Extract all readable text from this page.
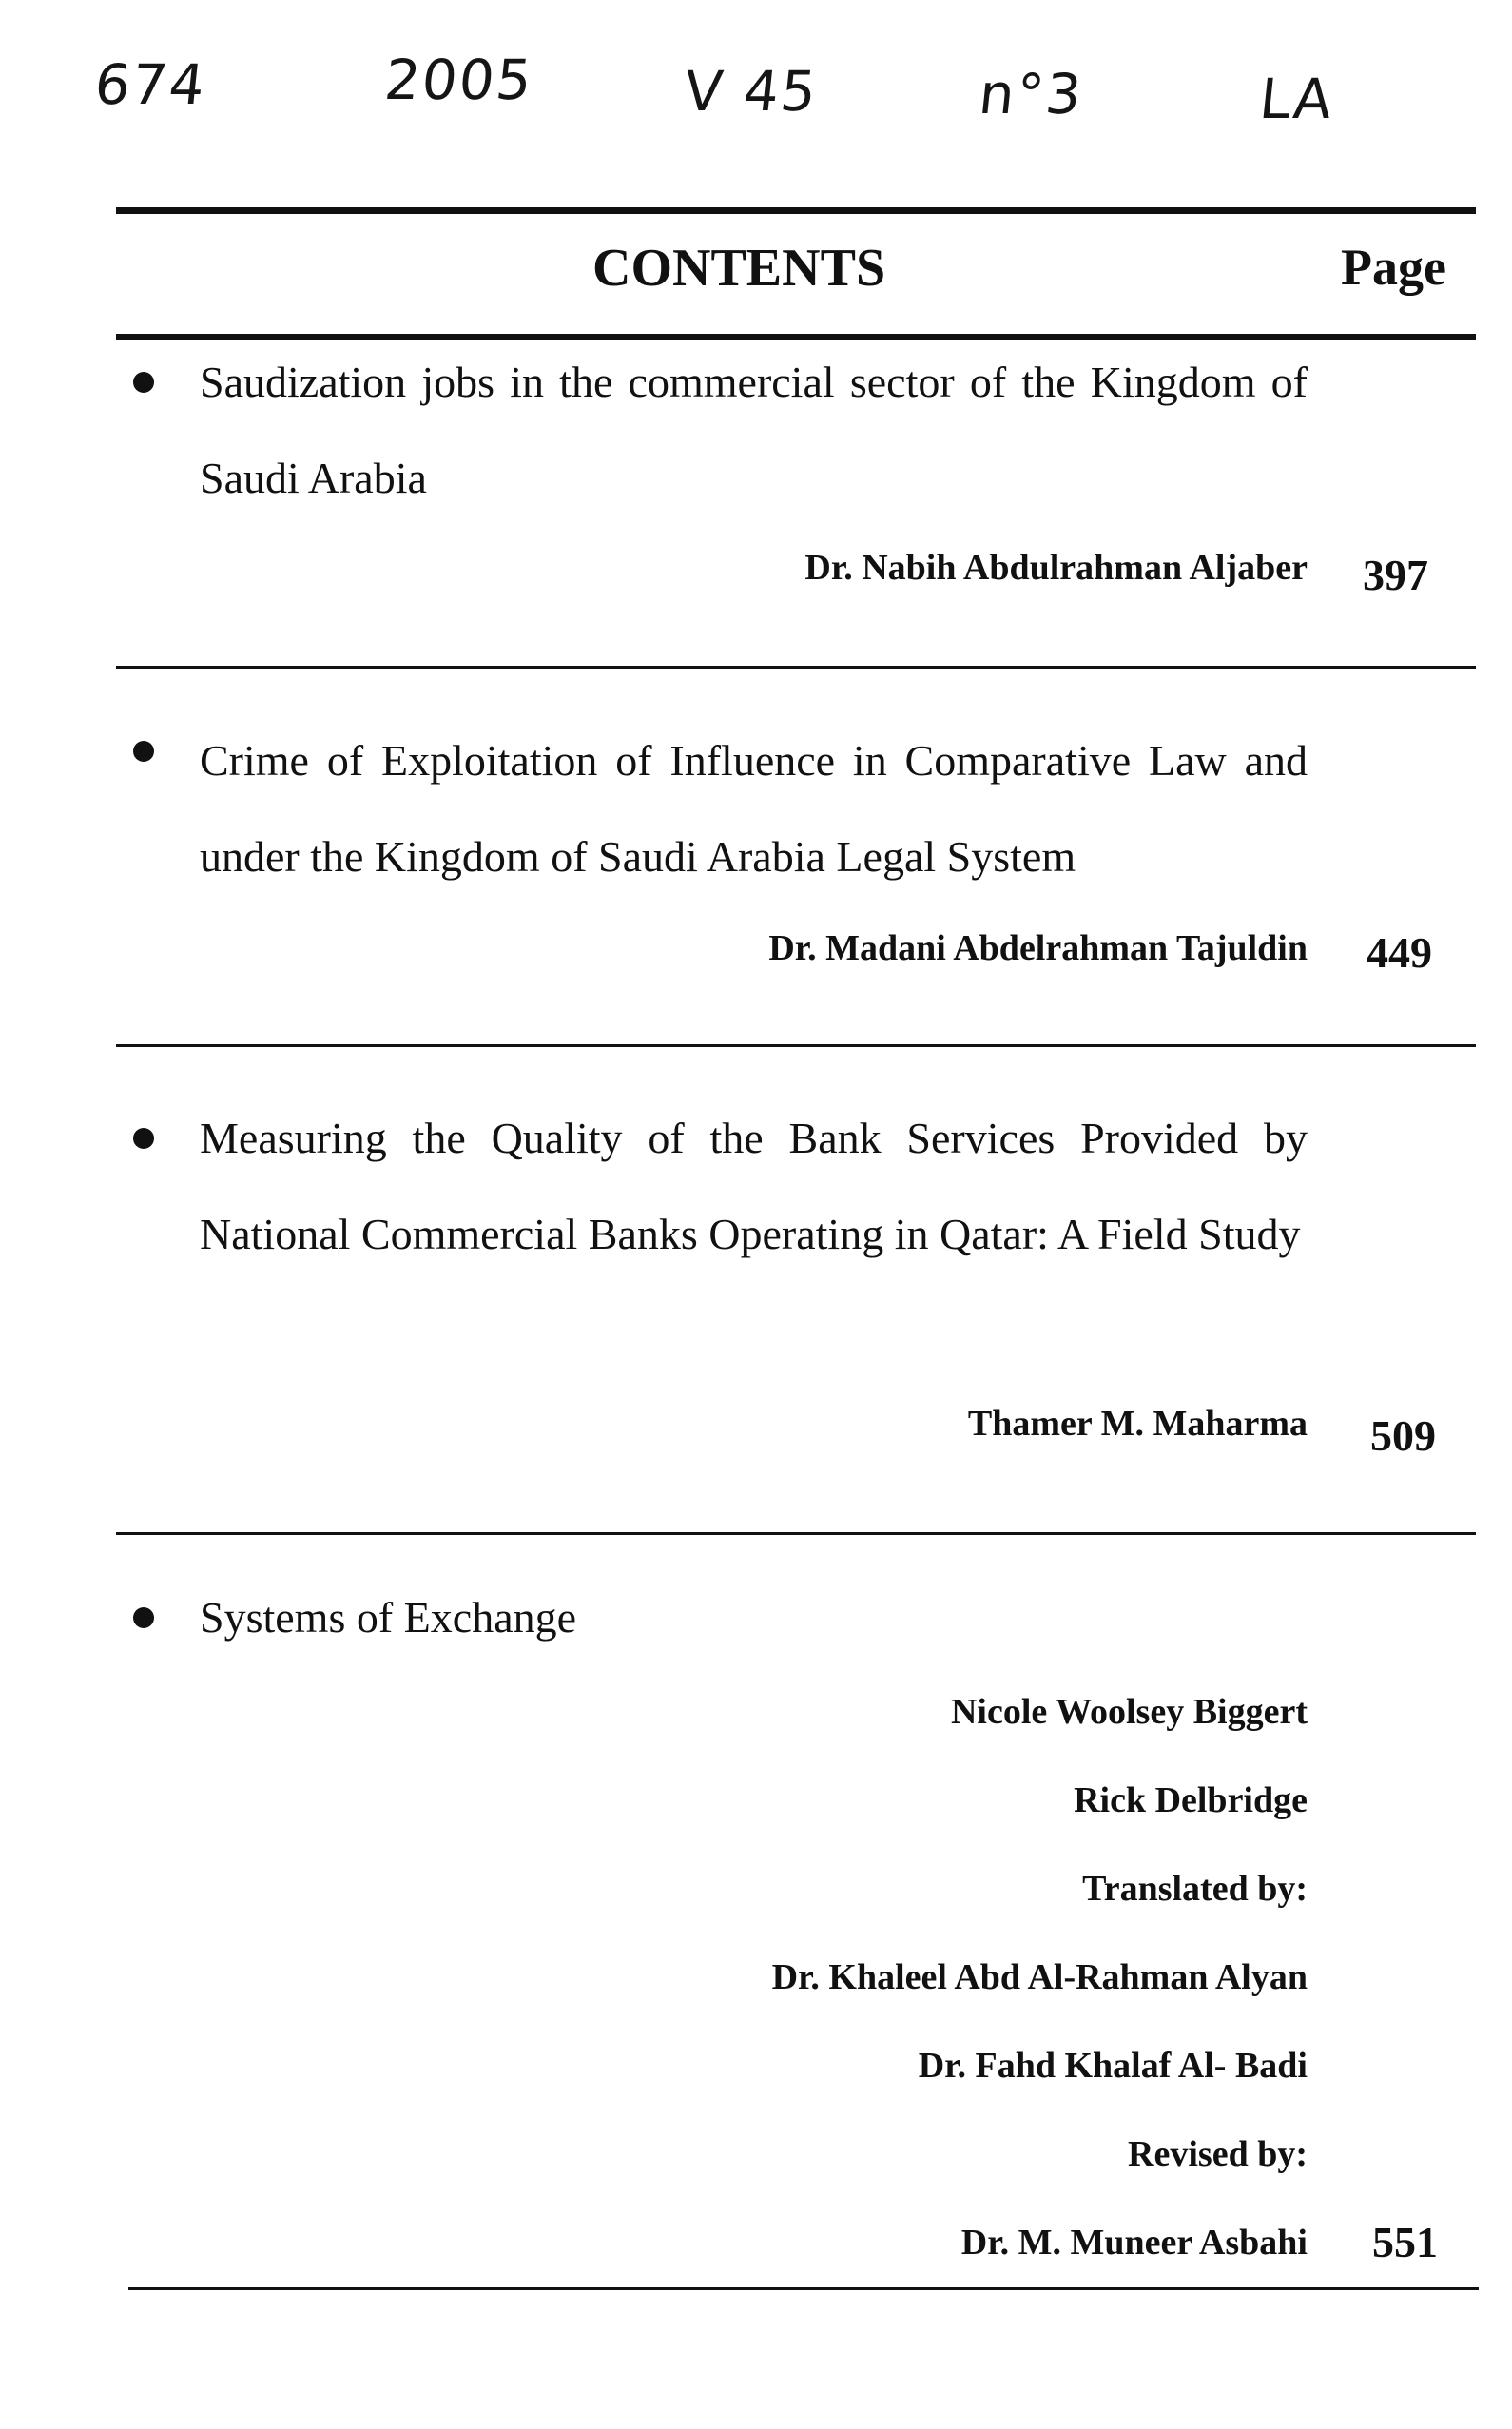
674	2005	V 45	n°3	LA
CONTENTS	Page
Saudization jobs in the commercial sector of the Kingdom of Saudi Arabia
Dr. Nabih Abdulrahman Aljaber 397
Crime of Exploitation of Influence in Comparative Law and under the Kingdom of Saudi Arabia Legal System
Dr. Madani Abdelrahman Tajuldin 449
Measuring the Quality of the Bank Services Provided by National Commercial Banks Operating in Qatar: A Field Study
Thamer M. Maharma 509
Systems of Exchange
Nicole Woolsey Biggert
Rick Delbridge
Translated by:
Dr. Khaleel Abd Al-Rahman Alyan
Dr. Fahd Khalaf Al- Badi
Revised by:
Dr. M. Muneer Asbahi 551
